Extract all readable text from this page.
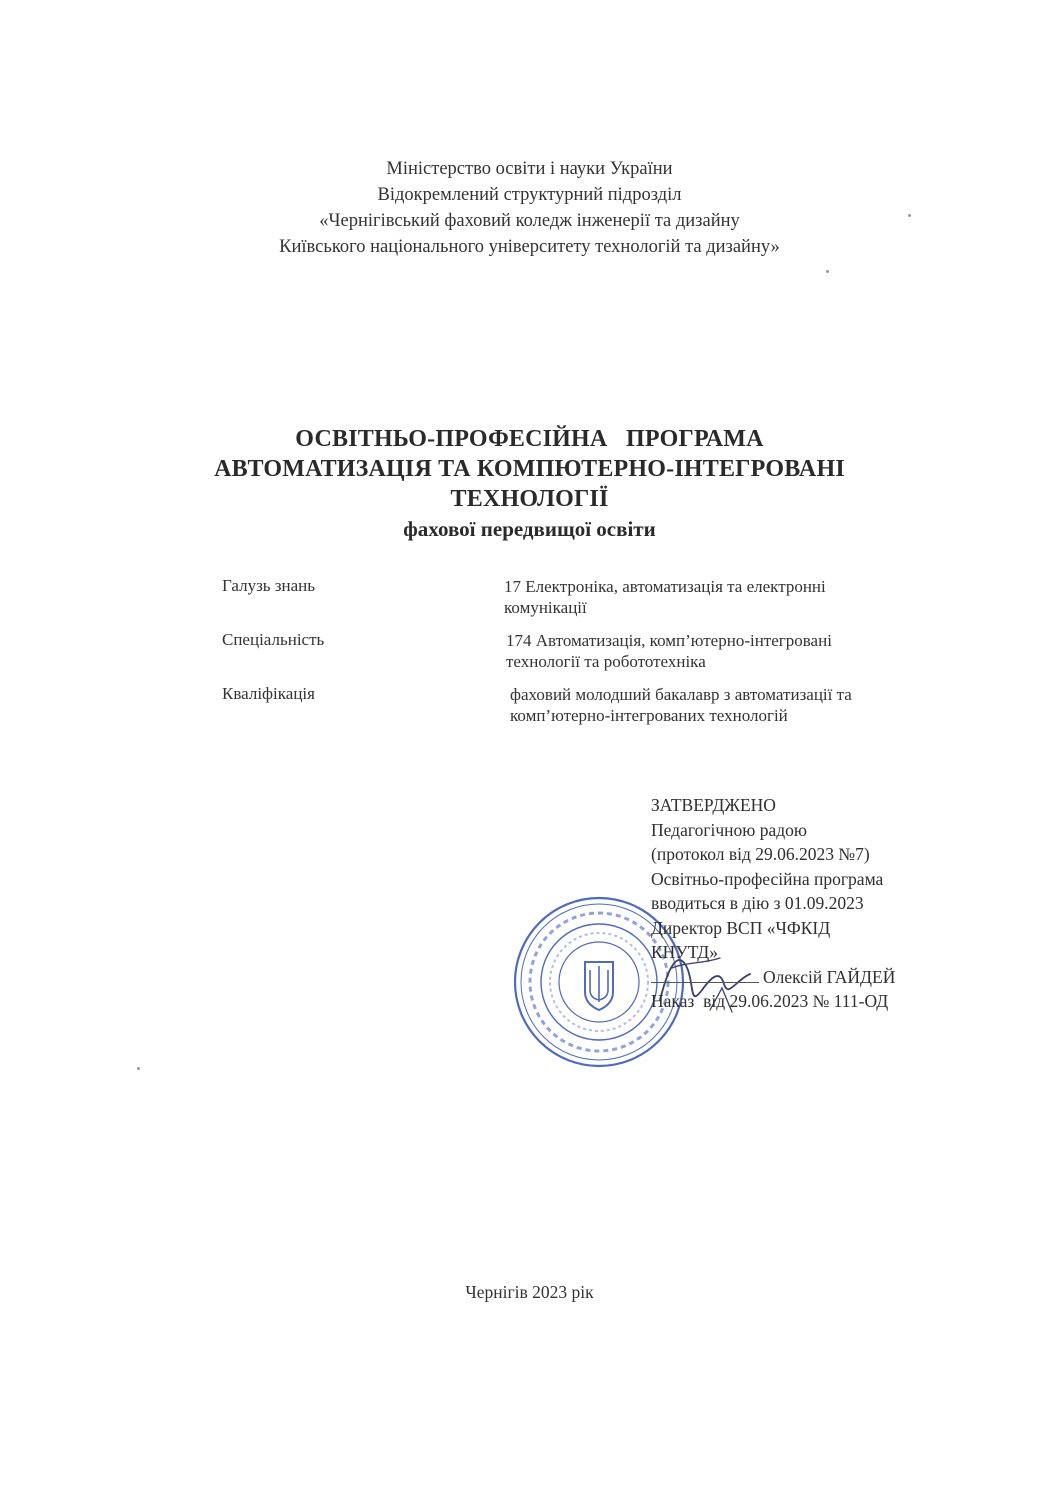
Міністерство освіти і науки України
Відокремлений структурний підрозділ
«Чернігівський фаховий коледж інженерії та дизайну
Київського національного університету технологій та дизайну»
ОСВІТНЬО-ПРОФЕСІЙНА   ПРОГРАМА
АВТОМАТИЗАЦІЯ ТА КОМПЮТЕРНО-ІНТЕГРОВАНІ
ТЕХНОЛОГІЇ
фахової передвищої освіти
Галузь знань	17 Електроніка, автоматизація та електронні
комунікації
Спеціальність	174 Автоматизація, комп’ютерно-інтегровані
технології та робототехніка
Кваліфікація	фаховий молодший бакалавр з автоматизації та
комп’ютерно-інтегрованих технологій
ЗАТВЕРДЖЕНО
Педагогічною радою
(протокол від 29.06.2023 №7)
Освітньо-професійна програма
вводиться в дію з 01.09.2023
Директор ВСП «ЧФКІД
КНУТД»
Олексій ГАЙДЕЙ
Наказ  від 29.06.2023 № 111-ОД
Чернігів 2023 рік
